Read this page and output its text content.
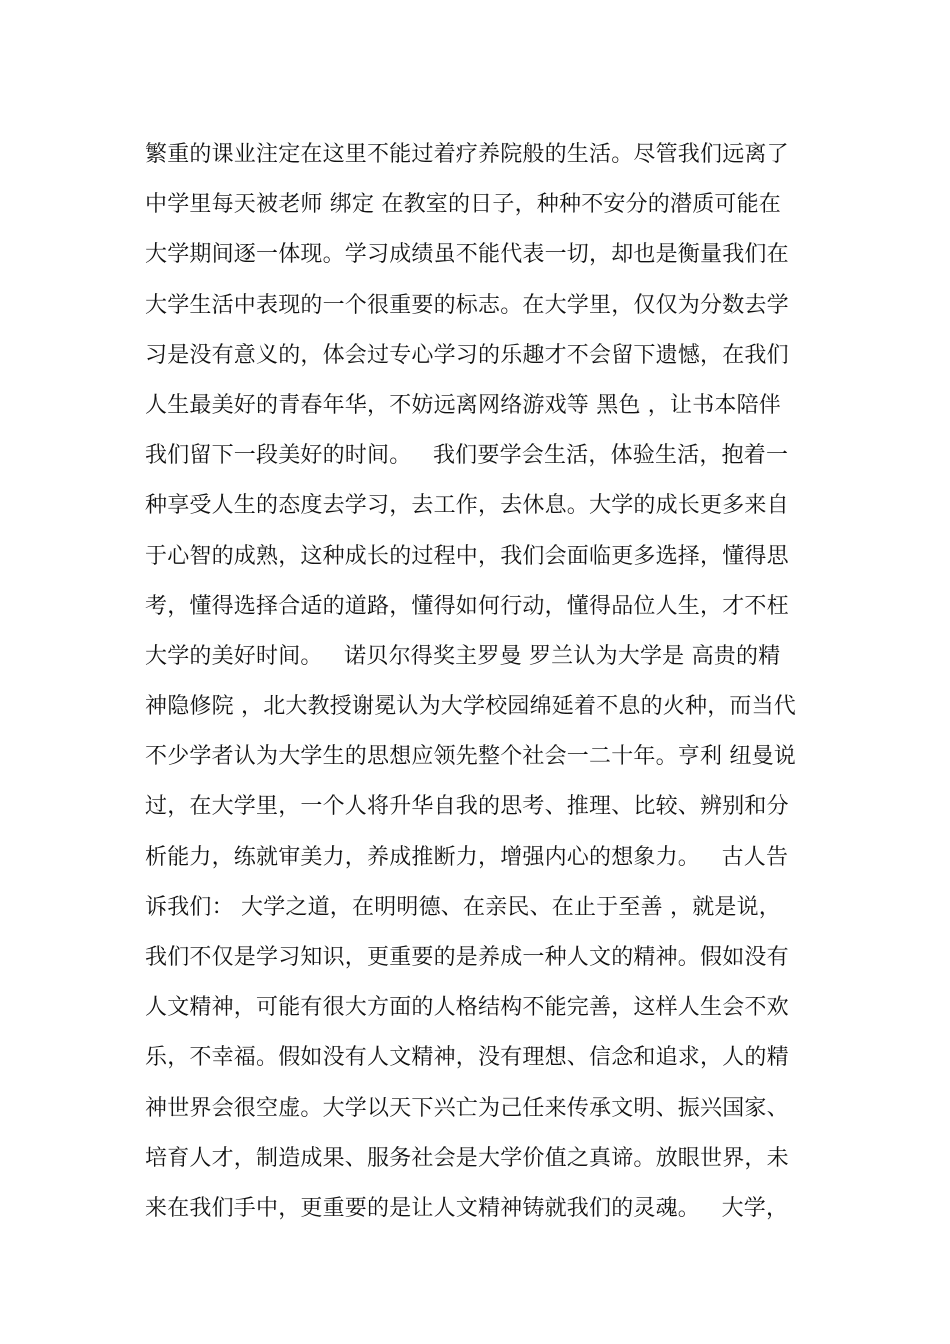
繁重的课业注定在这里不能过着疗养院般的生活。尽管我们远离了
中学里每天被老师 绑定 在教室的日子，种种不安分的潜质可能在
大学期间逐一体现。学习成绩虽不能代表一切，却也是衡量我们在
大学生活中表现的一个很重要的标志。在大学里，仅仅为分数去学
习是没有意义的，体会过专心学习的乐趣才不会留下遗憾，在我们
人生最美好的青春年华，不妨远离网络游戏等 黑色 ，让书本陪伴
我们留下一段美好的时间。   我们要学会生活，体验生活，抱着一
种享受人生的态度去学习，去工作，去休息。大学的成长更多来自
于心智的成熟，这种成长的过程中，我们会面临更多选择，懂得思
考，懂得选择合适的道路，懂得如何行动，懂得品位人生，才不枉
大学的美好时间。   诺贝尔得奖主罗曼 罗兰认为大学是 高贵的精
神隐修院 ，北大教授谢冕认为大学校园绵延着不息的火种，而当代
不少学者认为大学生的思想应领先整个社会一二十年。亨利 纽曼说
过，在大学里，一个人将升华自我的思考、推理、比较、辨别和分
析能力，练就审美力，养成推断力，增强内心的想象力。   古人告
诉我们： 大学之道，在明明德、在亲民、在止于至善 ，就是说，
我们不仅是学习知识，更重要的是养成一种人文的精神。假如没有
人文精神，可能有很大方面的人格结构不能完善，这样人生会不欢
乐，不幸福。假如没有人文精神，没有理想、信念和追求，人的精
神世界会很空虚。大学以天下兴亡为己任来传承文明、振兴国家、
培育人才，制造成果、服务社会是大学价值之真谛。放眼世界，未
来在我们手中，更重要的是让人文精神铸就我们的灵魂。   大学，
